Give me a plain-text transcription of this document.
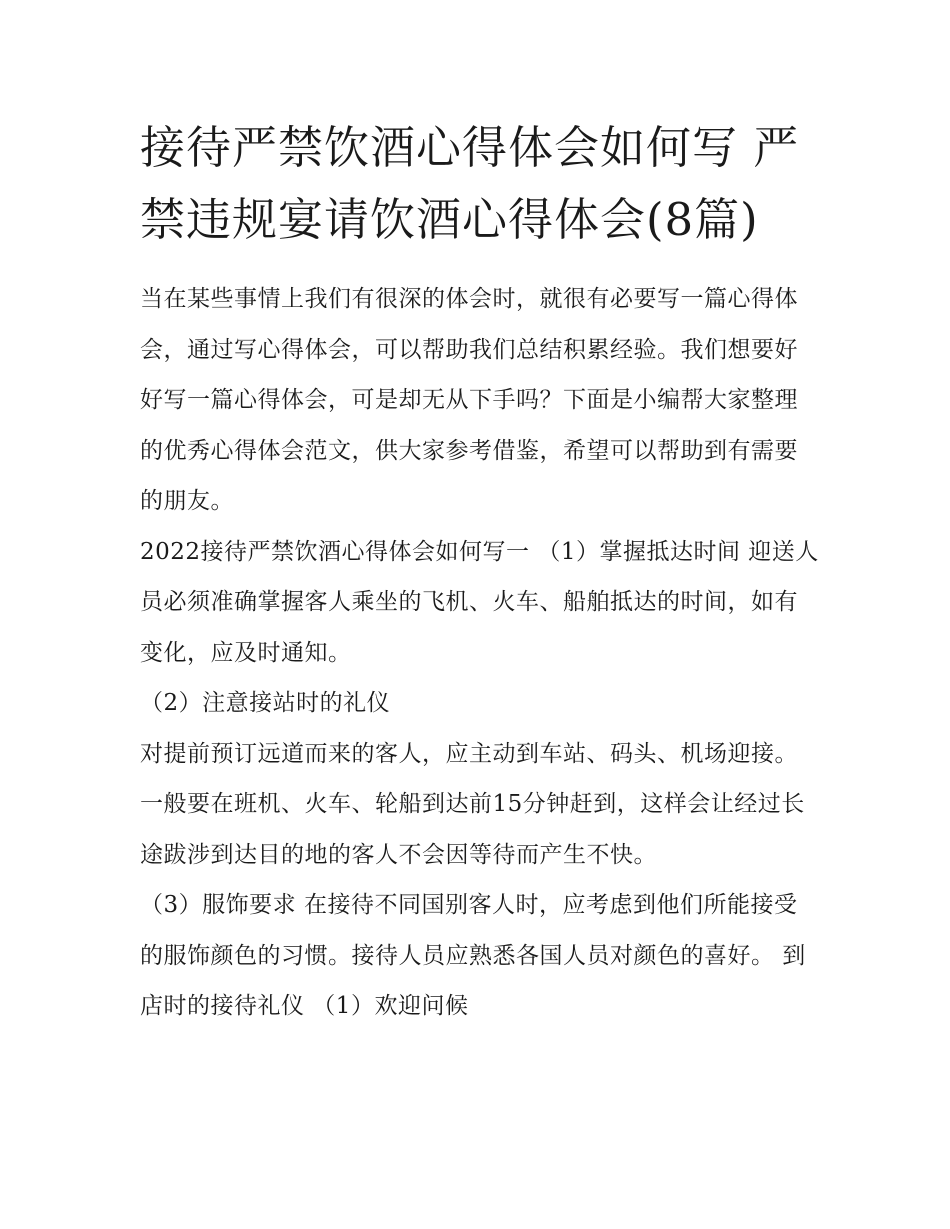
接待严禁饮酒心得体会如何写 严禁违规宴请饮酒心得体会(8篇)

当在某些事情上我们有很深的体会时，就很有必要写一篇心得体会，通过写心得体会，可以帮助我们总结积累经验。我们想要好好写一篇心得体会，可是却无从下手吗？下面是小编帮大家整理的优秀心得体会范文，供大家参考借鉴，希望可以帮助到有需要的朋友。

2022接待严禁饮酒心得体会如何写一 （1）掌握抵达时间 迎送人员必须准确掌握客人乘坐的飞机、火车、船舶抵达的时间，如有变化，应及时通知。

（2）注意接站时的礼仪

对提前预订远道而来的客人，应主动到车站、码头、机场迎接。一般要在班机、火车、轮船到达前15分钟赶到，这样会让经过长途跋涉到达目的地的客人不会因等待而产生不快。

（3）服饰要求 在接待不同国别客人时，应考虑到他们所能接受的服饰颜色的习惯。接待人员应熟悉各国人员对颜色的喜好。 到店时的接待礼仪 （1）欢迎问候
